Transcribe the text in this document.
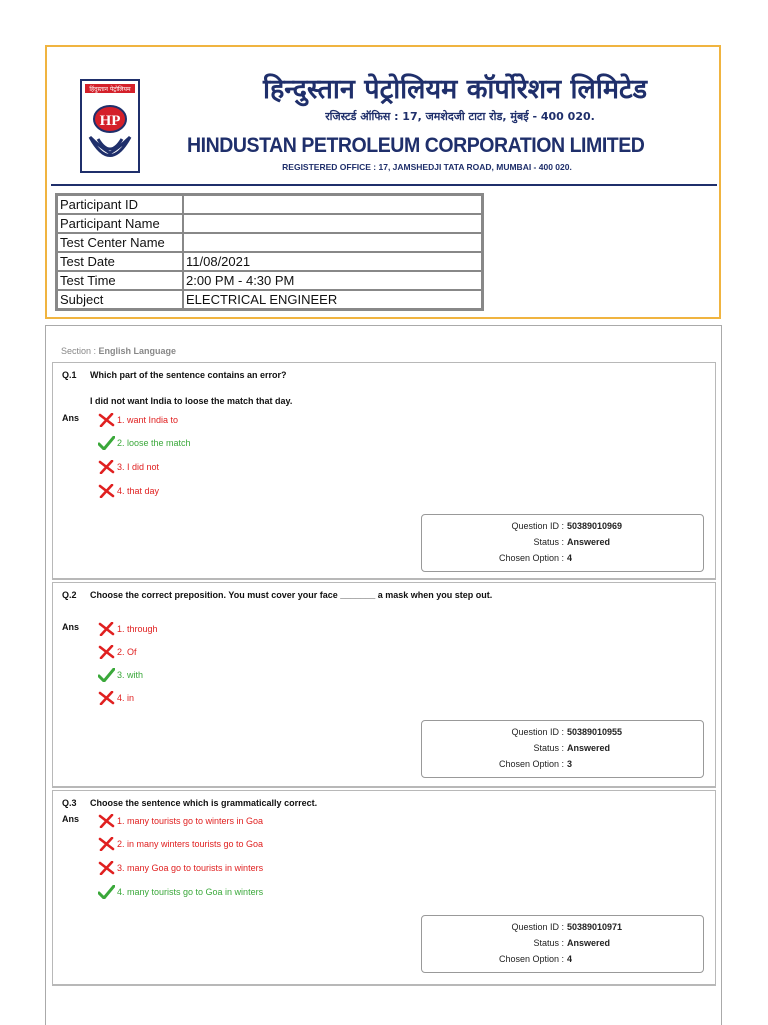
हिंदुस्तान पेट्रोलियम
HP
हिन्दुस्तान पेट्रोलियम कॉर्पोरेशन लिमिटेड
रजिस्टर्ड ऑफिस : 17, जमशेदजी टाटा रोड, मुंबई - 400 020.
HINDUSTAN PETROLEUM CORPORATION LIMITED
REGISTERED OFFICE : 17, JAMSHEDJI TATA ROAD, MUMBAI - 400 020.
Participant ID	
Participant Name	
Test Center Name	
Test Date	11/08/2021
Test Time	2:00 PM - 4:30 PM
Subject	ELECTRICAL ENGINEER
Section : English Language
Q.1 Which part of the sentence contains an error?
I did not want India to loose the match that day.
Ans	1. want India to
2. loose the match
3. I did not
4. that day
Question ID : 50389010969
Status : Answered
Chosen Option : 4
Q.2 Choose the correct preposition. You must cover your face _______ a mask when you step out.
Ans	1. through
2. Of
3. with
4. in
Question ID : 50389010955
Status : Answered
Chosen Option : 3
Q.3 Choose the sentence which is grammatically correct.
Ans	1. many tourists go to winters in Goa
2. in many winters tourists go to Goa
3. many Goa go to tourists in winters
4. many tourists go to Goa in winters
Question ID : 50389010971
Status : Answered
Chosen Option : 4
